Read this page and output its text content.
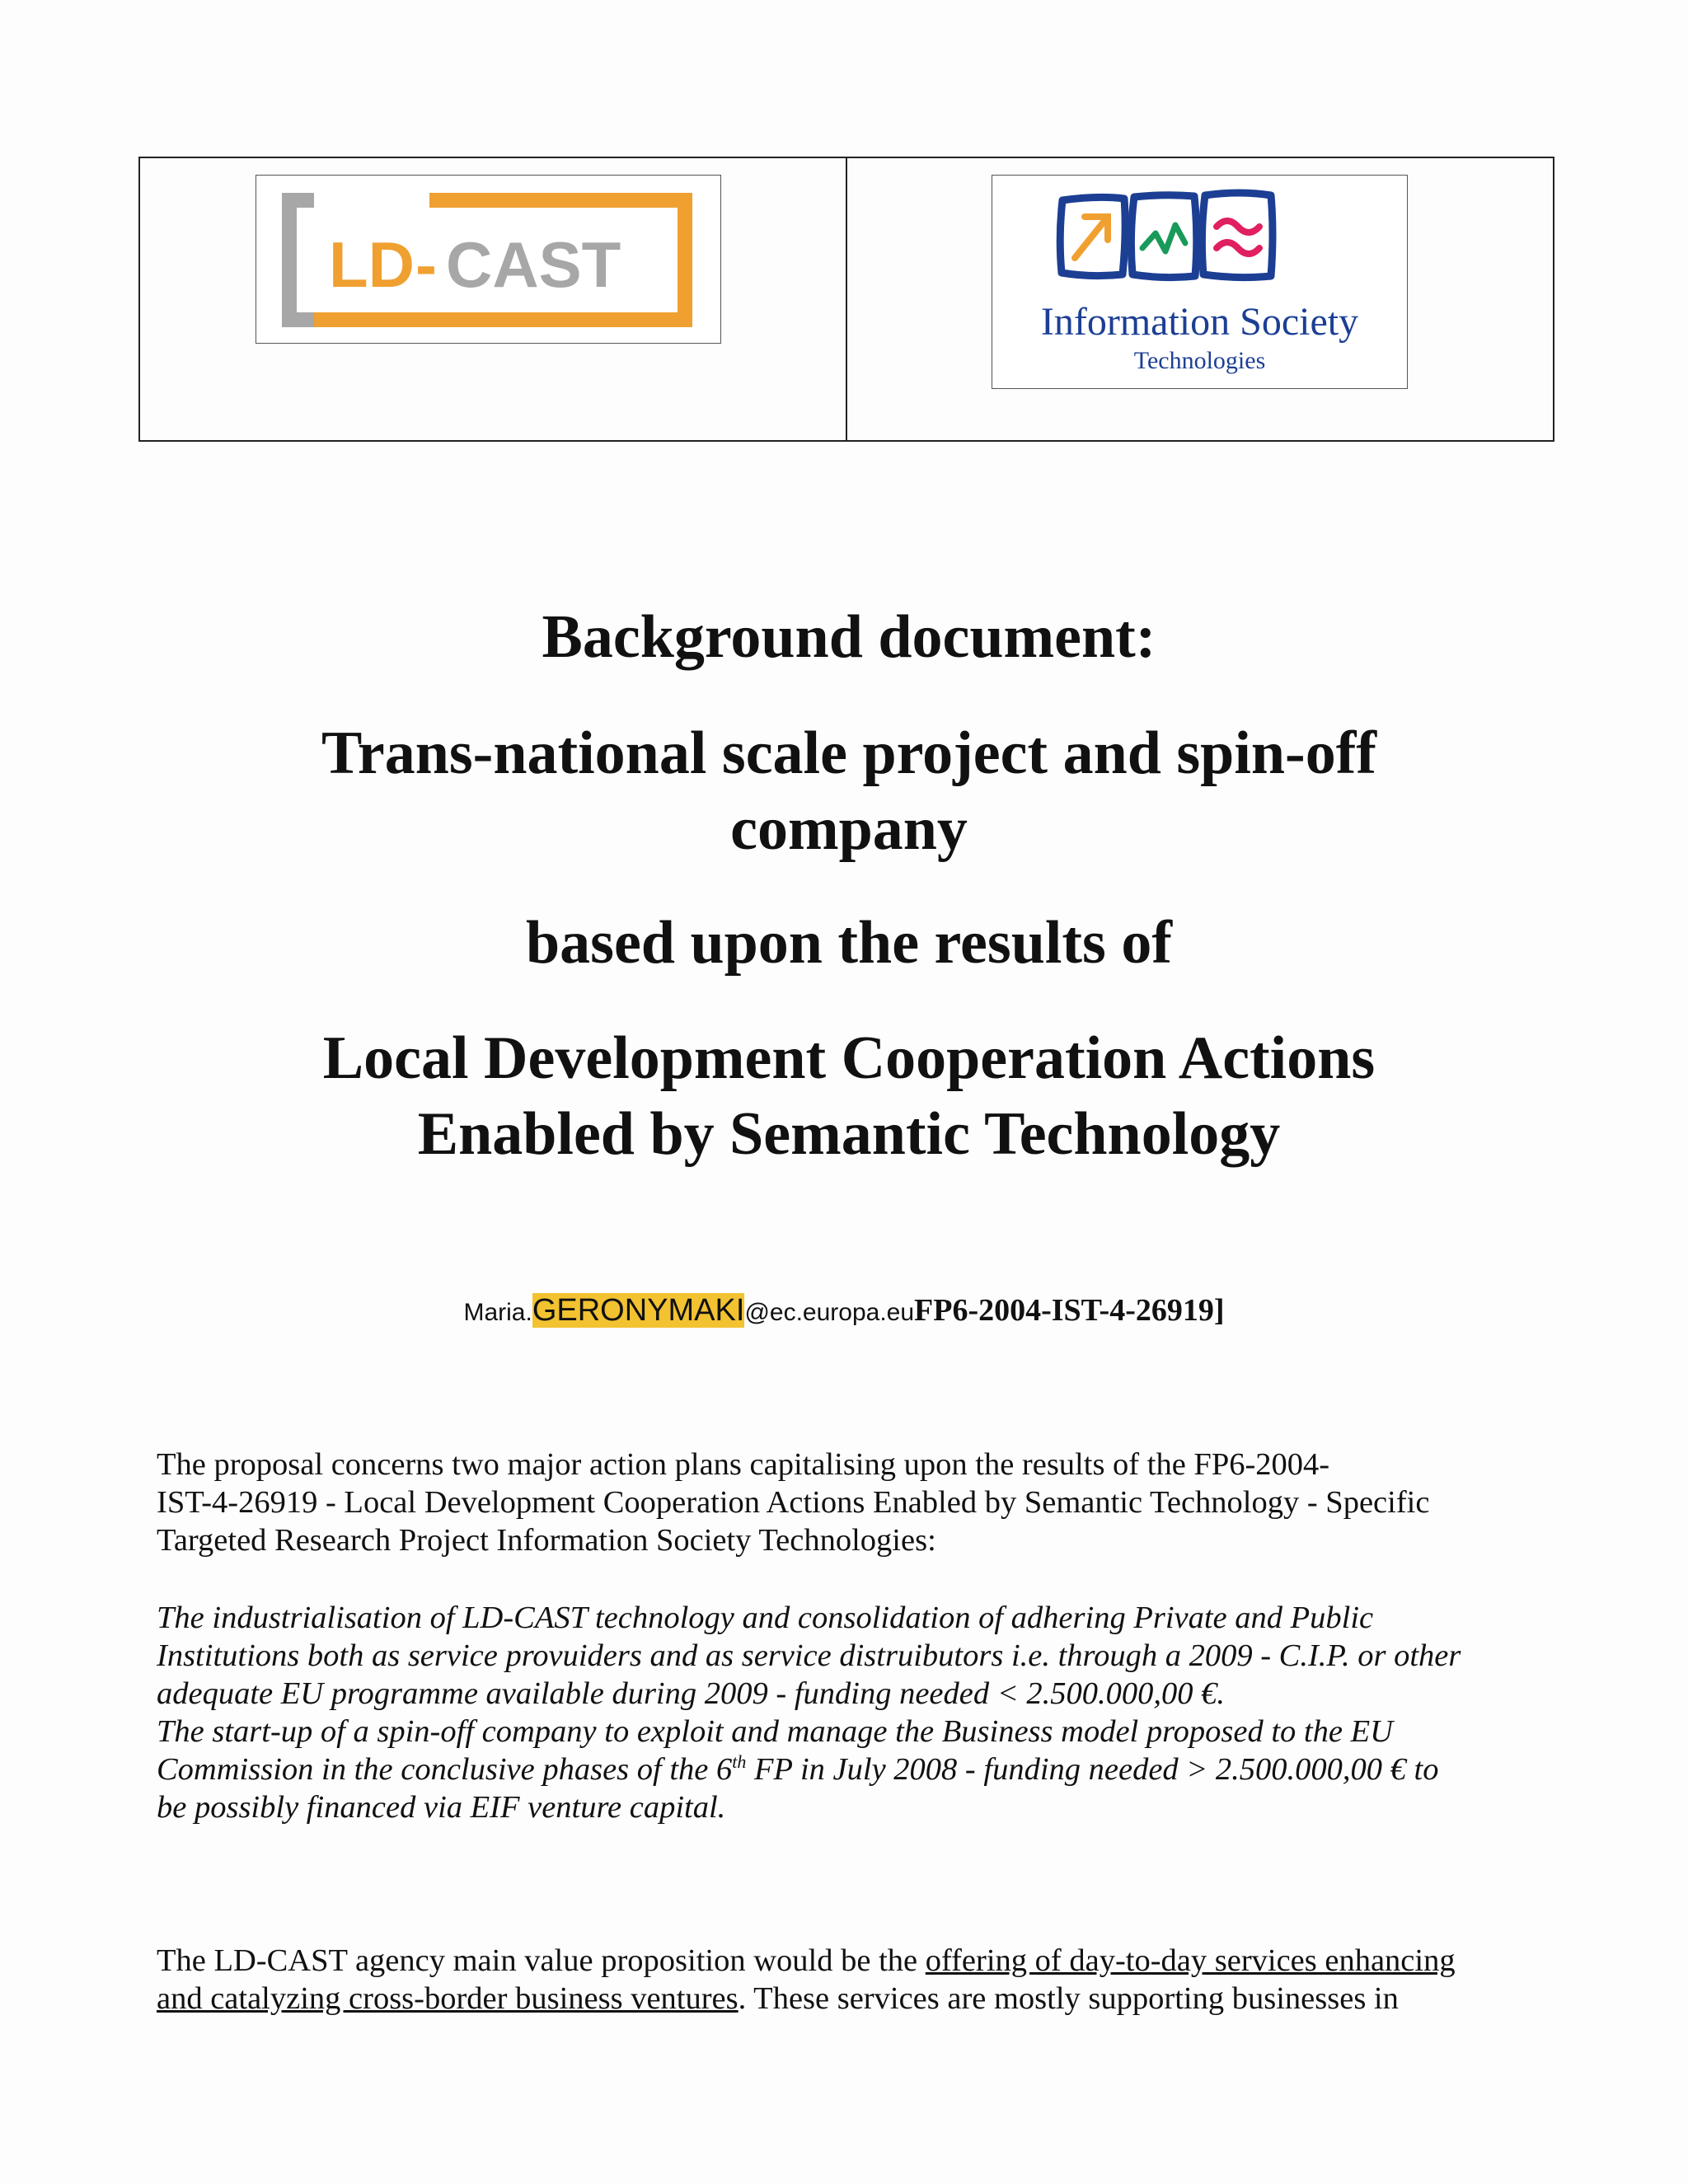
LD - CAST
Information Society
Technologies
Background document:
Trans-national scale project and spin-off
company
based upon the results of
Local Development Cooperation Actions
Enabled by Semantic Technology
Maria.GERONYMAKI@ec.europa.euFP6-2004-IST-4-26919]
The proposal concerns two major action plans capitalising upon the results of the FP6-2004-
IST-4-26919 - Local Development Cooperation Actions Enabled by Semantic Technology - Specific
Targeted Research Project Information Society Technologies:
The industrialisation of LD-CAST technology and consolidation of adhering Private and Public
Institutions both as service provuiders and as service distruibutors i.e. through a 2009 - C.I.P. or other
adequate EU programme available during 2009 - funding needed < 2.500.000,00 €.
The start-up of a spin-off company to exploit and manage the Business model proposed to the EU
Commission in the conclusive phases of the 6th FP in July 2008 - funding needed > 2.500.000,00 € to
be possibly financed via EIF venture capital.
The LD-CAST agency main value proposition would be the offering of day-to-day services enhancing
and catalyzing cross-border business ventures. These services are mostly supporting businesses in
